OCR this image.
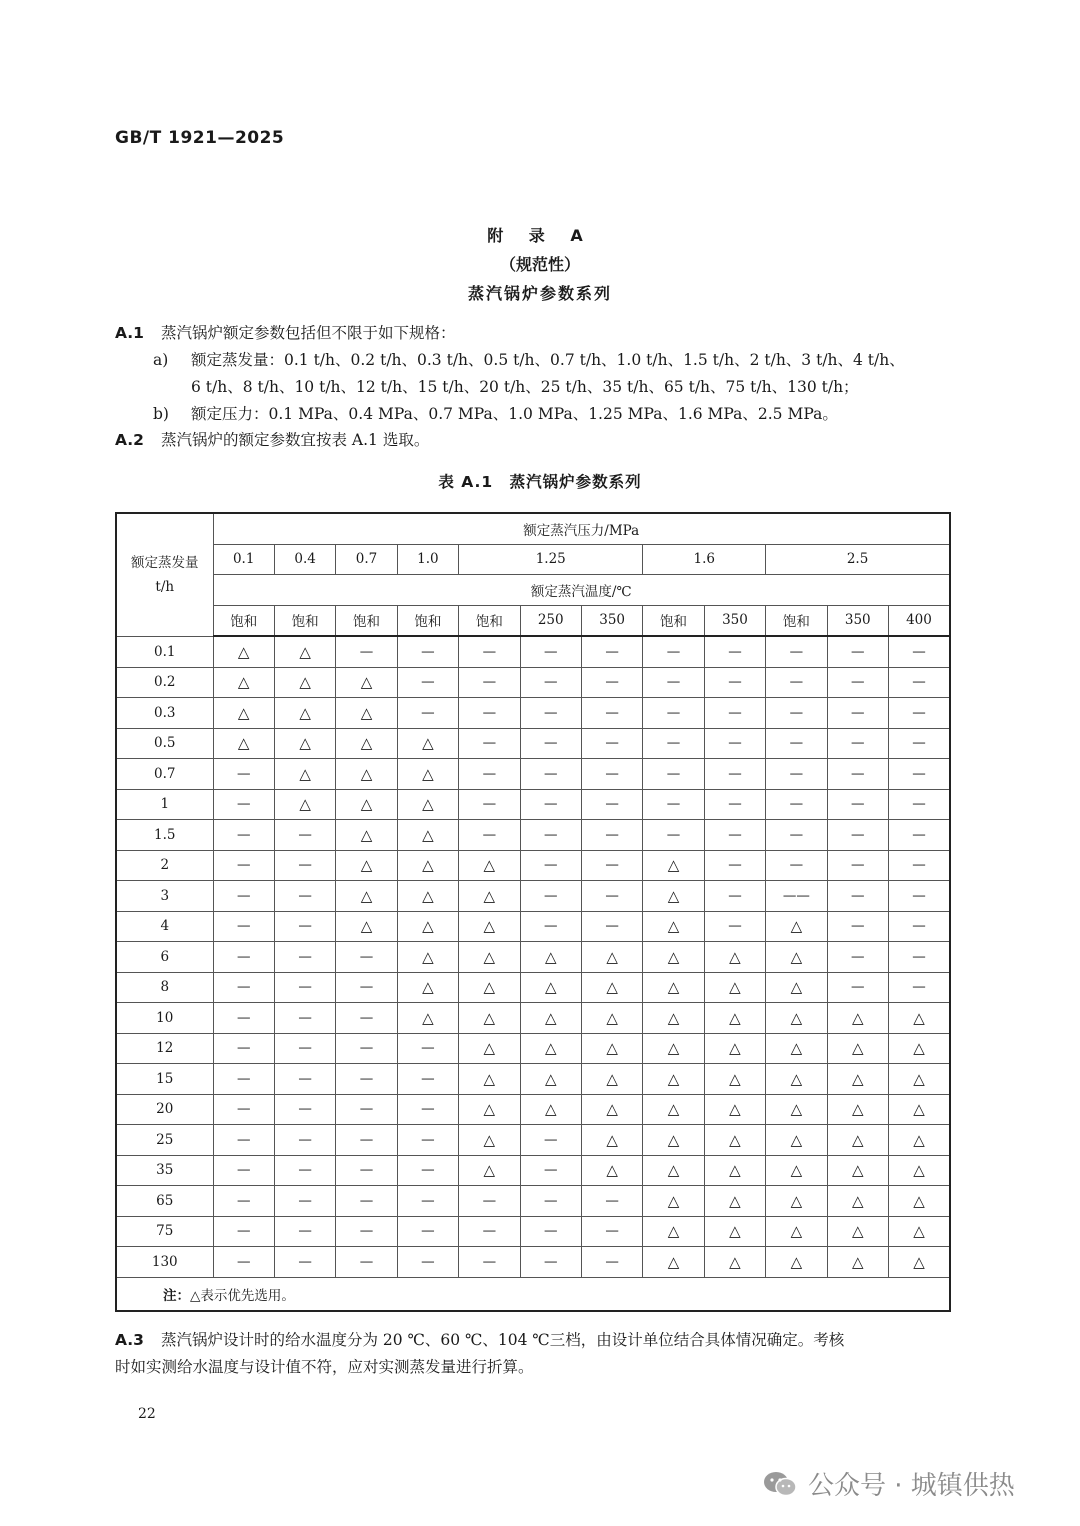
GB/T 1921—2025
附 录 A
（规范性）
蒸汽锅炉参数系列
A.1 蒸汽锅炉额定参数包括但不限于如下规格：
a) 额定蒸发量：0.1 t/h、0.2 t/h、0.3 t/h、0.5 t/h、0.7 t/h、1.0 t/h、1.5 t/h、2 t/h、3 t/h、4 t/h、
6 t/h、8 t/h、10 t/h、12 t/h、15 t/h、20 t/h、25 t/h、35 t/h、65 t/h、75 t/h、130 t/h；
b) 额定压力：0.1 MPa、0.4 MPa、0.7 MPa、1.0 MPa、1.25 MPa、1.6 MPa、2.5 MPa。
A.2 蒸汽锅炉的额定参数宜按表 A.1 选取。
表 A.1　蒸汽锅炉参数系列
额定蒸发量
t/h	额定蒸汽压力/MPa											
	0.1	0.4	0.7	1.0	1.25			1.6		2.5		
	额定蒸汽温度/℃											
	饱和	饱和	饱和	饱和	饱和	250	350	饱和	350	饱和	350	400
0.1	△	△	—	—	—	—	—	—	—	—	—	—
0.2	△	△	△	—	—	—	—	—	—	—	—	—
0.3	△	△	△	—	—	—	—	—	—	—	—	—
0.5	△	△	△	△	—	—	—	—	—	—	—	—
0.7	—	△	△	△	—	—	—	—	—	—	—	—
1	—	△	△	△	—	—	—	—	—	—	—	—
1.5	—	—	△	△	—	—	—	—	—	—	—	—
2	—	—	△	△	△	—	—	△	—	—	—	—
3	—	—	△	△	△	—	—	△	—	——	—	—
4	—	—	△	△	△	—	—	△	—	△	—	—
6	—	—	—	△	△	△	△	△	△	△	—	—
8	—	—	—	△	△	△	△	△	△	△	—	—
10	—	—	—	△	△	△	△	△	△	△	△	△
12	—	—	—	—	△	△	△	△	△	△	△	△
15	—	—	—	—	△	△	△	△	△	△	△	△
20	—	—	—	—	△	△	△	△	△	△	△	△
25	—	—	—	—	△	—	△	△	△	△	△	△
35	—	—	—	—	△	—	△	△	△	△	△	△
65	—	—	—	—	—	—	—	△	△	△	△	△
75	—	—	—	—	—	—	—	△	△	△	△	△
130	—	—	—	—	—	—	—	△	△	△	△	△
注：△表示优先选用。												
A.3 蒸汽锅炉设计时的给水温度分为 20 ℃、60 ℃、104 ℃三档，由设计单位结合具体情况确定。考核
时如实测给水温度与设计值不符，应对实测蒸发量进行折算。
22
公众号 · 城镇供热
